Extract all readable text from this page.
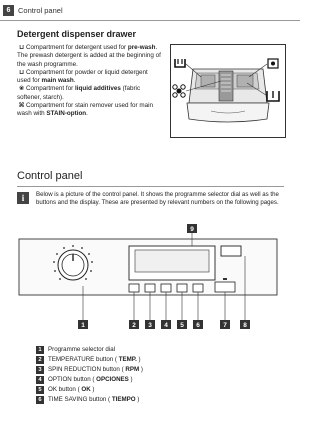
6	Control panel
Detergent dispenser drawer

⊔ Compartment for detergent used for pre-wash. The prewash detergent is added at the beginning of the wash programme.

⊔ Compartment for powder or liquid detergent used for main wash.

❀ Compartment for liquid additives (fabric softener, starch).

⌘ Compartment for stain remover used for main wash with STAIN-option.

Control panel
i	Below is a picture of the control panel. It shows the programme selector dial as well as the buttons and the display. These are presented by relevant numbers on the following pages.
9
1	2 3 4 5 6	7	8
1	Programme selector dial
2	TEMPERATURE button ( TEMP. )
3	SPIN REDUCTION button ( RPM )
4	OPTION button ( OPCIONES )
5	OK button ( OK )
6	TIME SAVING button ( TIEMPO )
